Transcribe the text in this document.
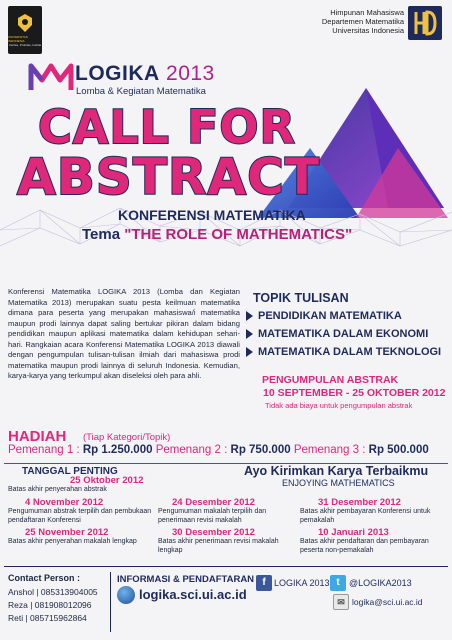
UNIVERSITAS INDONESIA
Veritas, Probitas, Iustitia
Himpunan Mahasiswa
Departemen Matematika
Universitas Indonesia
LOGIKA 2013
Lomba & Kegiatan Matematika
CALL FOR
ABSTRACT
KONFERENSI MATEMATIKA
Tema "THE ROLE OF MATHEMATICS"
Konferensi Matematika LOGIKA 2013 (Lomba dan Kegiatan Matematika 2013) merupakan suatu pesta keilmuan matematika dimana para peserta yang merupakan mahasiswa/i matematika maupun prodi lainnya dapat saling bertukar pikiran dalam bidang pendidikan maupun aplikasi matematika dalam kehidupan sehari-hari. Rangkaian acara Konferensi Matematika LOGIKA 2013 diawali dengan pengumpulan tulisan-tulisan ilmiah dari mahasiswa prodi matematika maupun prodi lainnya di seluruh Indonesia. Kemudian, karya-karya yang terkumpul akan diseleksi oleh para ahli.
TOPIK TULISAN
PENDIDIKAN MATEMATIKA
MATEMATIKA DALAM EKONOMI
MATEMATIKA DALAM TEKNOLOGI
PENGUMPULAN ABSTRAK
10 SEPTEMBER - 25 OKTOBER 2012
Tidak ada biaya untuk pengumpulan abstrak
HADIAH (Tiap Kategori/Topik)
Pemenang 1 : Rp 1.250.000 Pemenang 2 : Rp 750.000 Pemenang 3 : Rp 500.000
TANGGAL PENTING	Ayo Kirimkan Karya Terbaikmu
ENJOYING MATHEMATICS
25 Oktober 2012
Batas akhir penyerahan abstrak
4 November 2012
Pengumuman abstrak terpilih dan pembukaan pendaftaran Konferensi
24 Desember 2012
Pengumuman makalah terpilih dan penerimaan revisi makalah
31 Desember 2012
Batas akhir pembayaran Konferensi untuk pemakalah
25 November 2012
Batas akhir penyerahan makalah lengkap
30 Desember 2012
Batas akhir penerimaan revisi makalah lengkap
10 Januari 2013
Batas akhir pendaftaran dan pembayaran peserta non-pemakalah
Contact Person :
Anshol | 085313904005
Reza | 081908012096
Reti | 085715962864
INFORMASI & PENDAFTARAN
logika.sci.ui.ac.id
f LOGIKA 2013 t	@LOGIKA2013
✉ logika@sci.ui.ac.id
